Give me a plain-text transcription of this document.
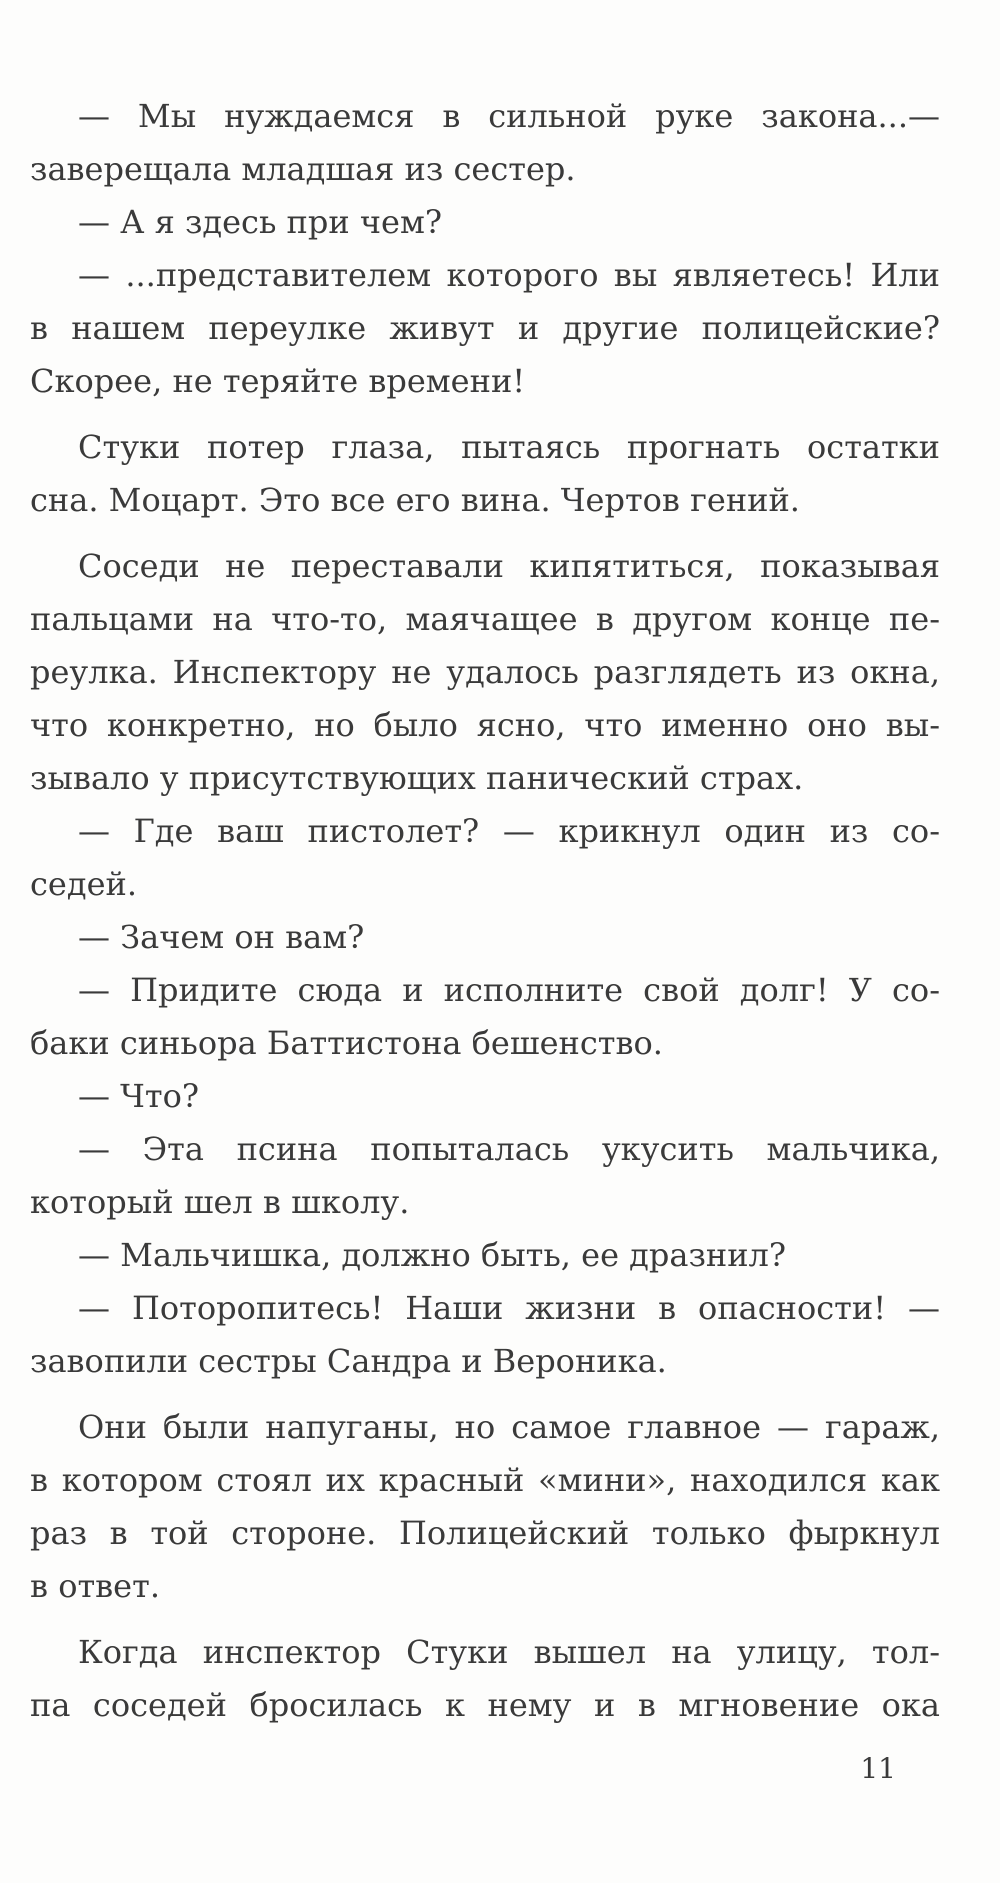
— Мы нуждаемся в сильной руке закона...—
заверещала младшая из сестер.
— А я здесь при чем?
— ...представителем которого вы являетесь! Или
в нашем переулке живут и другие полицейские?
Скорее, не теряйте времени!
Стуки потер глаза, пытаясь прогнать остатки
сна. Моцарт. Это все его вина. Чертов гений.
Соседи не переставали кипятиться, показывая
пальцами на что-то, маячащее в другом конце пе-
реулка. Инспектору не удалось разглядеть из окна,
что конкретно, но было ясно, что именно оно вы-
зывало у присутствующих панический страх.
— Где ваш пистолет? — крикнул один из со-
седей.
— Зачем он вам?
— Придите сюда и исполните свой долг! У со-
баки синьора Баттистона бешенство.
— Что?
— Эта псина попыталась укусить мальчика,
который шел в школу.
— Мальчишка, должно быть, ее дразнил?
— Поторопитесь! Наши жизни в опасности! —
завопили сестры Сандра и Вероника.
Они были напуганы, но самое главное — гараж,
в котором стоял их красный «мини», находился как
раз в той стороне. Полицейский только фыркнул
в ответ.
Когда инспектор Стуки вышел на улицу, тол-
па соседей бросилась к нему и в мгновение ока
11
